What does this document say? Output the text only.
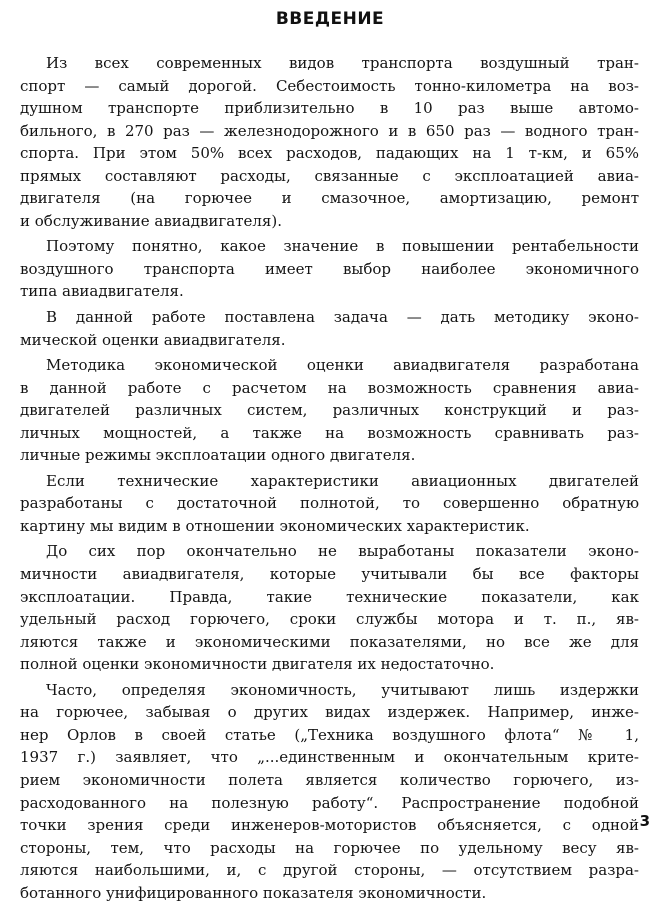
ВВЕДЕНИЕ
Из всех современных видов транспорта воздушный тран-
спорт — самый дорогой. Себестоимость тонно-километра на воз-
душном транспорте приблизительно в 10 раз выше автомо-
бильного, в 270 раз — железнодорожного и в 650 раз — водного тран-
спорта. При этом 50% всех расходов, падающих на 1 т-км, и 65%
прямых составляют расходы, связанные с эксплоатацией авиа-
двигателя (на горючее и смазочное, амортизацию, ремонт
и обслуживание авиадвигателя).
Поэтому понятно, какое значение в повышении рентабельности
воздушного транспорта имеет выбор наиболее экономичного
типа авиадвигателя.
В данной работе поставлена задача — дать методику эконо-
мической оценки авиадвигателя.
Методика экономической оценки авиадвигателя разработана
в данной работе с расчетом на возможность сравнения авиа-
двигателей различных систем, различных конструкций и раз-
личных мощностей, а также на возможность сравнивать раз-
личные режимы эксплоатации одного двигателя.
Если технические характеристики авиационных двигателей
разработаны с достаточной полнотой, то совершенно обратную
картину мы видим в отношении экономических характеристик.
До сих пор окончательно не выработаны показатели эконо-
мичности авиадвигателя, которые учитывали бы все факторы
эксплоатации. Правда, такие технические показатели, как
удельный расход горючего, сроки службы мотора и т. п., яв-
ляются также и экономическими показателями, но все же для
полной оценки экономичности двигателя их недостаточно.
Часто, определяя экономичность, учитывают лишь издержки
на горючее, забывая о других видах издержек. Например, инже-
нер Орлов в своей статье („Техника воздушного флота“ № 1,
1937 г.) заявляет, что „...единственным и окончательным крите-
рием экономичности полета является количество горючего, из-
расходованного на полезную работу“. Распространение подобной
точки зрения среди инженеров-мотористов объясняется, с одной
стороны, тем, что расходы на горючее по удельному весу яв-
ляются наибольшими, и, с другой стороны, — отсутствием разра-
ботанного унифицированного показателя экономичности.
3
